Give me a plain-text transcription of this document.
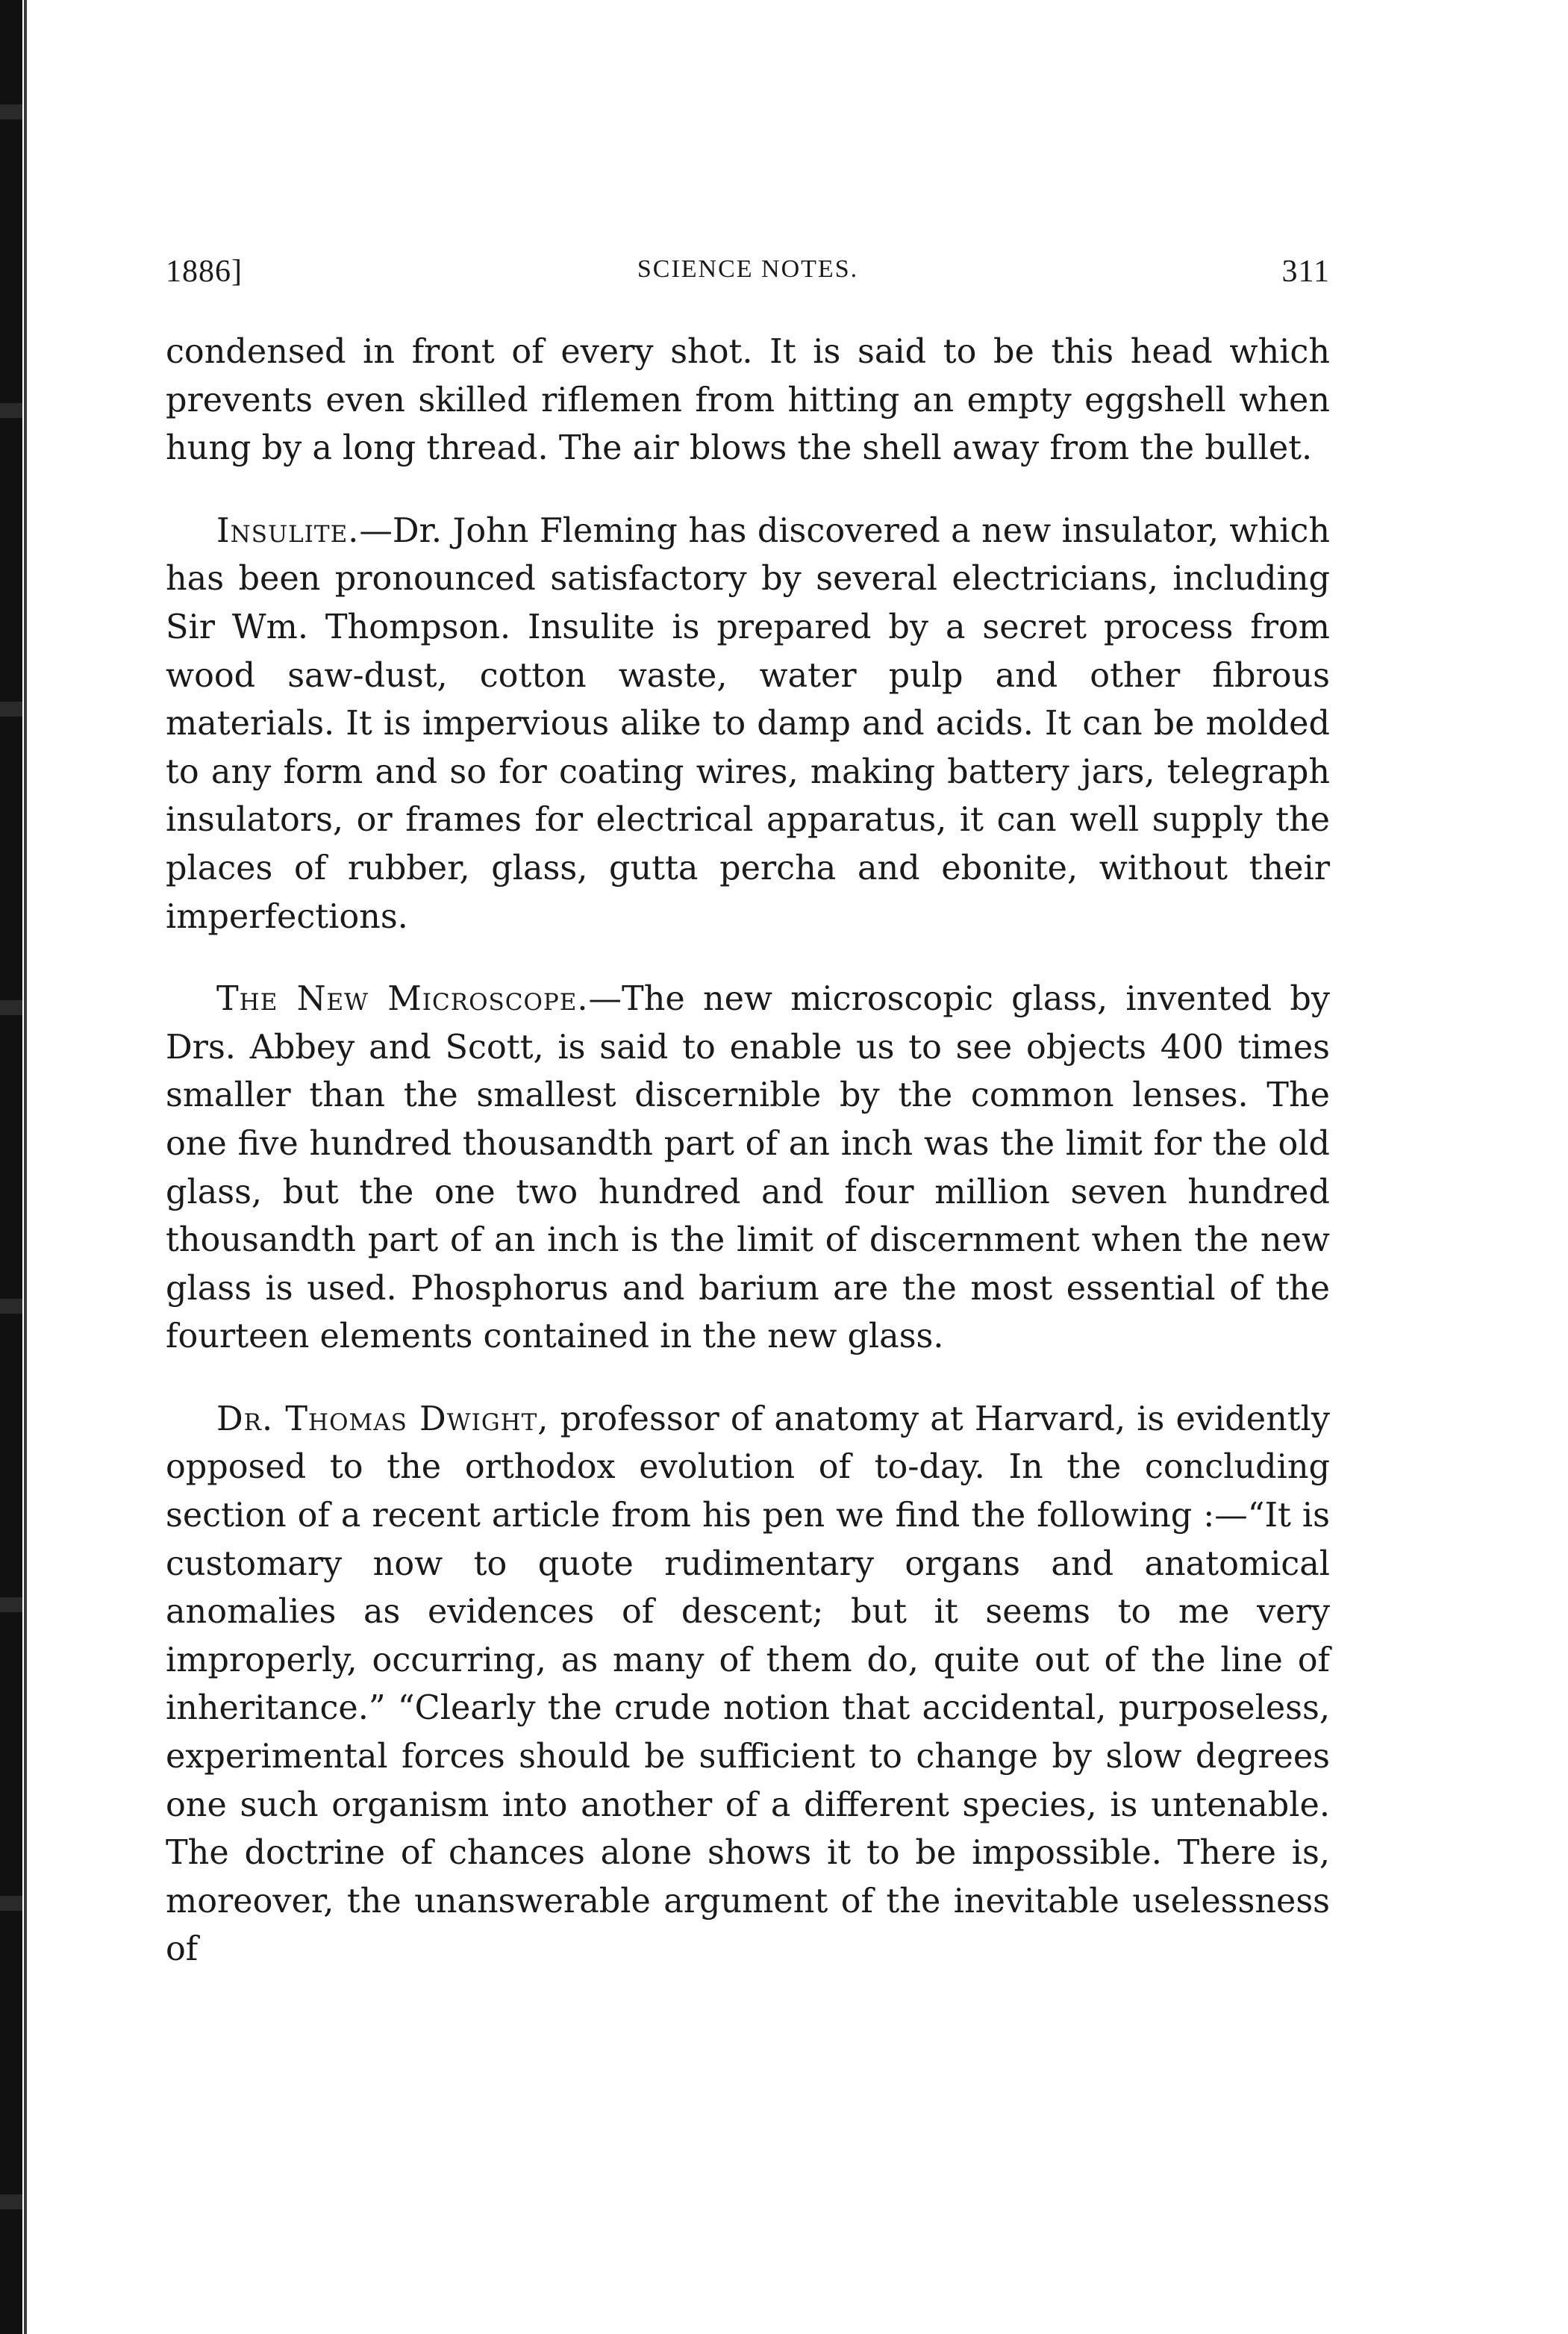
1886]	SCIENCE NOTES.	311

condensed in front of every shot. It is said to be this head which prevents even skilled riflemen from hitting an empty eggshell when hung by a long thread. The air blows the shell away from the bullet.

Insulite.—Dr. John Fleming has discovered a new insulator, which has been pronounced satisfactory by several electricians, including Sir Wm. Thompson. Insulite is prepared by a secret process from wood saw-dust, cotton waste, water pulp and other fibrous materials. It is impervious alike to damp and acids. It can be molded to any form and so for coating wires, making battery jars, telegraph insulators, or frames for electrical apparatus, it can well supply the places of rubber, glass, gutta percha and ebonite, without their imperfections.

The New Microscope.—The new microscopic glass, invented by Drs. Abbey and Scott, is said to enable us to see objects 400 times smaller than the smallest discernible by the common lenses. The one five hundred thousandth part of an inch was the limit for the old glass, but the one two hundred and four million seven hundred thousandth part of an inch is the limit of discernment when the new glass is used. Phosphorus and barium are the most essential of the fourteen elements contained in the new glass.

Dr. Thomas Dwight, professor of anatomy at Harvard, is evidently opposed to the orthodox evolution of to-day. In the concluding section of a recent article from his pen we find the following :—“It is customary now to quote rudimentary organs and anatomical anomalies as evidences of descent; but it seems to me very improperly, occurring, as many of them do, quite out of the line of inheritance.” “Clearly the crude notion that accidental, purposeless, experimental forces should be sufficient to change by slow degrees one such organism into another of a different species, is untenable. The doctrine of chances alone shows it to be impossible. There is, moreover, the unanswerable argument of the inevitable uselessness of
